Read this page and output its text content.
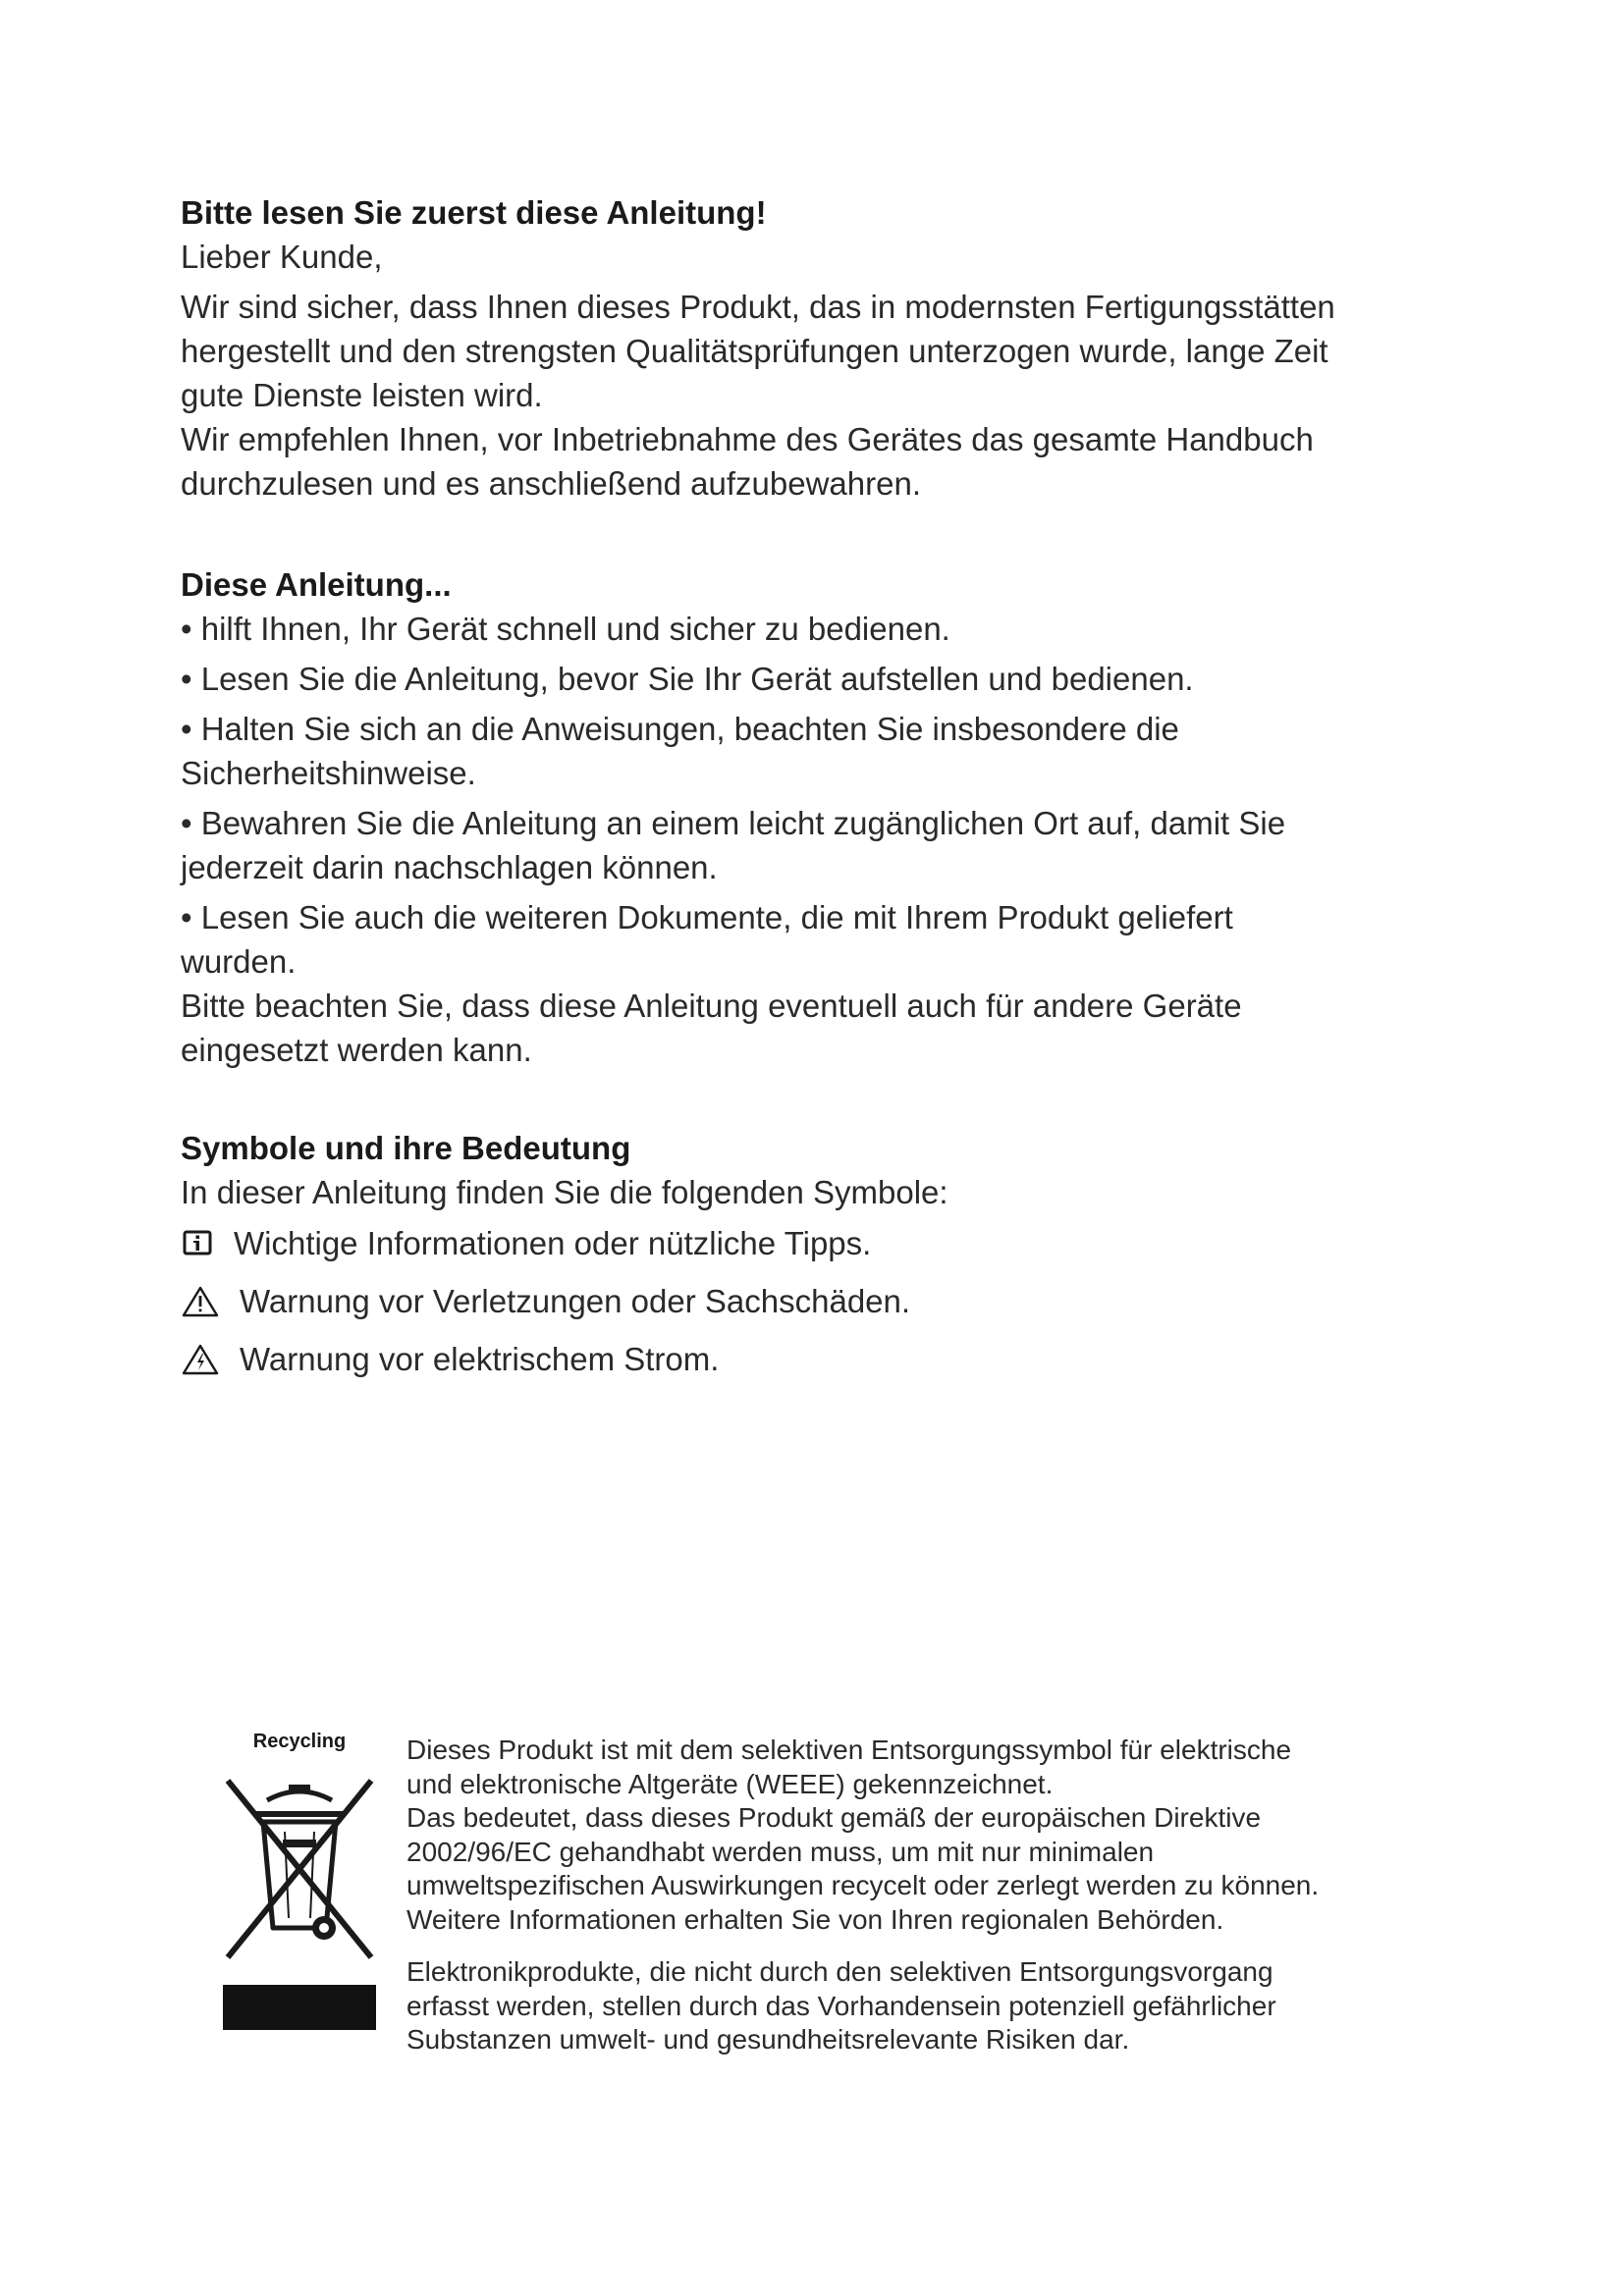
Bitte lesen Sie zuerst diese Anleitung!

Lieber Kunde,

Wir sind sicher, dass Ihnen dieses Produkt, das in modernsten Fertigungsstätten

hergestellt und den strengsten Qualitätsprüfungen unterzogen wurde, lange Zeit

gute Dienste leisten wird.

Wir empfehlen Ihnen, vor Inbetriebnahme des Gerätes das gesamte Handbuch

durchzulesen und es anschließend aufzubewahren.

Diese Anleitung...

• hilft Ihnen, Ihr Gerät schnell und sicher zu bedienen.

• Lesen Sie die Anleitung, bevor Sie Ihr Gerät aufstellen und bedienen.

• Halten Sie sich an die Anweisungen, beachten Sie insbesondere die

Sicherheitshinweise.

• Bewahren Sie die Anleitung an einem leicht zugänglichen Ort auf, damit Sie

jederzeit darin nachschlagen können.

• Lesen Sie auch die weiteren Dokumente, die mit Ihrem Produkt geliefert

wurden.

Bitte beachten Sie, dass diese Anleitung eventuell auch für andere Geräte

eingesetzt werden kann.

Symbole und ihre Bedeutung

In dieser Anleitung finden Sie die folgenden Symbole:

Wichtige Informationen oder nützliche Tipps.
Warnung vor Verletzungen oder Sachschäden.
Warnung vor elektrischem Strom.
Recycling	Dieses Produkt ist mit dem selektiven Entsorgungssymbol für elektrische

und elektronische Altgeräte (WEEE) gekennzeichnet.

Das bedeutet, dass dieses Produkt gemäß der europäischen Direktive

2002/96/EC gehandhabt werden muss, um mit nur minimalen

umweltspezifischen Auswirkungen recycelt oder zerlegt werden zu können.

Weitere Informationen erhalten Sie von Ihren regionalen Behörden.

Elektronikprodukte, die nicht durch den selektiven Entsorgungsvorgang

erfasst werden, stellen durch das Vorhandensein potenziell gefährlicher

Substanzen umwelt- und gesundheitsrelevante Risiken dar.
